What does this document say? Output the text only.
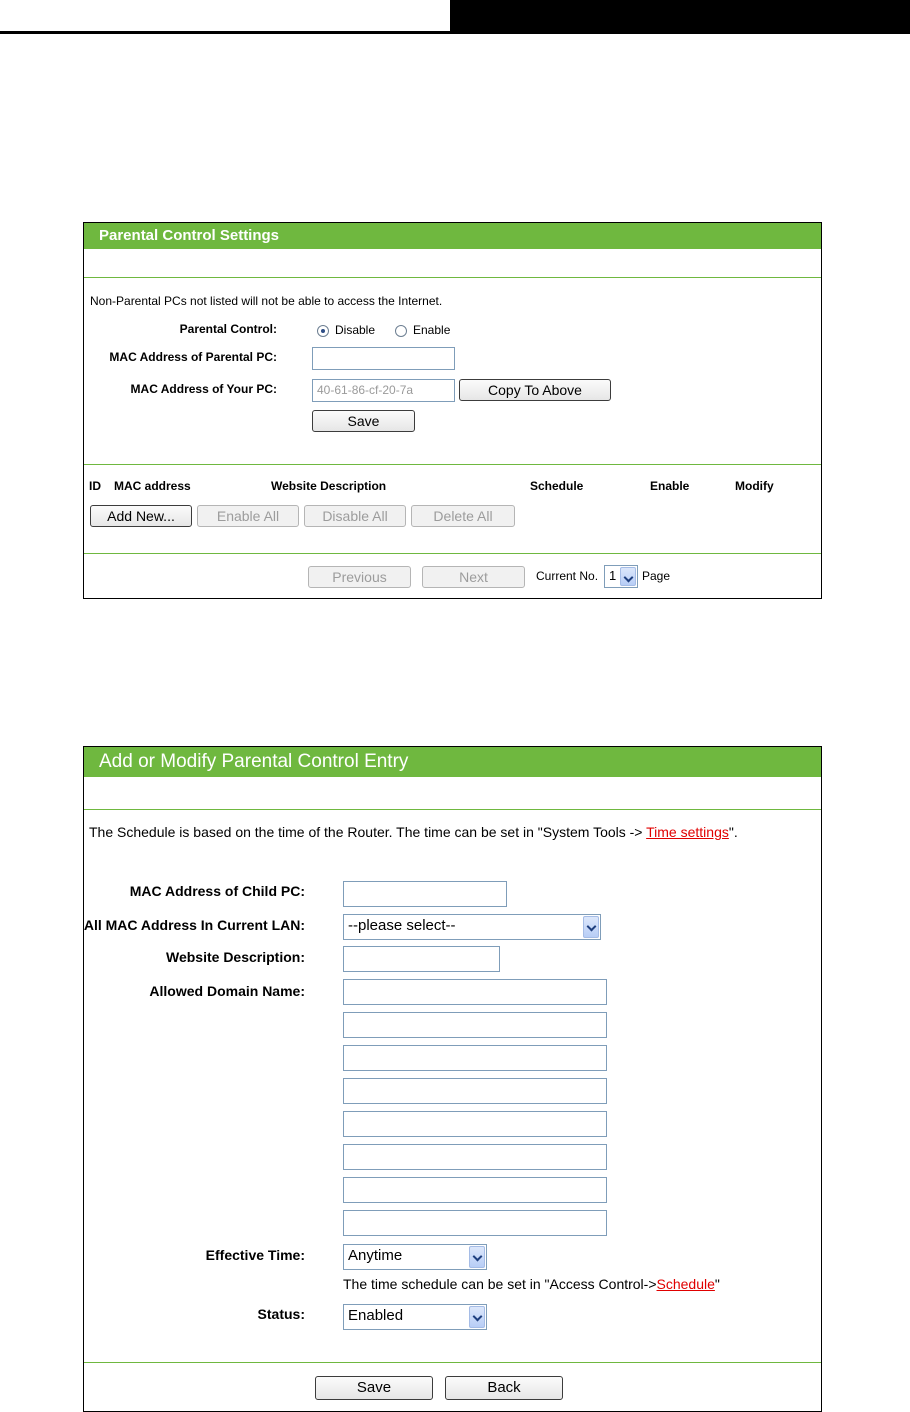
Parental Control Settings
Non-Parental PCs not listed will not be able to access the Internet.
Parental Control:	Disable	Enable
MAC Address of Parental PC:
MAC Address of Your PC:	40-61-86-cf-20-7a	Copy To Above
Save
ID MAC address	Website Description	Schedule	Enable	Modify
Add New...	Enable All	Disable All	Delete All
Previous	Next	Current No. 1 Page
Add or Modify Parental Control Entry
The Schedule is based on the time of the Router. The time can be set in "System Tools -> Time settings".
MAC Address of Child PC:
All MAC Address In Current LAN:	--please select--
Website Description:
Allowed Domain Name:
Effective Time:	Anytime
The time schedule can be set in "Access Control->Schedule"
Status:	Enabled
Save	Back
